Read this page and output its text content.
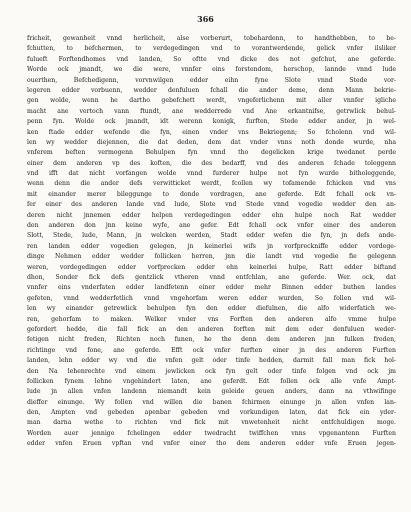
366
fricheit, gewanheit vnnd herlicheit, alse vorberurt, tobehardenn, to handthebben, to be-
fchutten, to befchermen, to verdegedingen vnd to vorantwerdende, gelick vnfer ilsliker
fulueft Forftendhomes vnd landen, So oftte vnd dicke des not gefchut, ane geferde.
Worde ock jmandt, we die were, vnnfer eins forstendom, herschop, lannde vnnd lude
ouerthen, Befchedigenn, vorvnwilgen edder eihn fyne Slote vnnd Stede vor-
legeren edder vorbuenn, wedder denfuluen fchall die ander deme, denn Mann bekrie-
gen wolde, wenn he dartho gebefchett werdt, vngeferlichenn mit aller vnnfer igliche
macht ane vertoch vann ftundt, ane wedderrede vnd Ane erkantnifse, getrwlick behul-
penn fyn. Wolde ock jmandt, idt werenn konigk, furften, Stede edder ander, jn wel-
ken ftade edder wefende die fyn, einen vnder vns Bekriegenn; So fcholenn vnd wil-
len wy wedder diejennen, die dat deden, dem dat vnder vnns noth donde wurde, nha
vnferem beften vermogenn Behulpen fyn vnnd tho degelicken krige twedanet perde
einer dem anderen vp des koften, die des bedarff, vnd des anderen fchade toleggenn
vnd ifft dat nicht vorfangen wolde vnnd furderer hulpe not fyn wurde bitholeggende,
wenn denn die ander defs verwitticket werdt, fcollen wy tofamende fchicken vnd vns
mit einander merer bileggunge to donde vordragen, ane geferde. Edt fchall ock vn-
fer einer des anderen lande vnd lude, Slote vnd Stede vnnd vogedie wedder den an-
deren nicht jnnemen edder helpen verdegedingen edder ehn hulpe noch Rat wedder
den anderen don jnn keine wyfe, ane gefer. Edt fchall ock vnfer einer des anderen
Slott, Stede, lude, Mann, jn welcken werden, Stadt edder wefen die fyn, jn defs ande-
ren landen edder vogedien gelegen, jn keinerlei wifs jn vorfpreckniffe edder vordege-
dinge Nehmen edder wedder follicken herren, jnn die landt vnd vogedie fie gelegenn
weren, vordegedingen edder vorfprecken edder ehn keinerlei hulpe, Ratt edder biftand
dhon, Sonder fick defs gentzlick vtheren vnnd entfchlan, ane geferde. Wer. ock, dat
vnnfer eins vnderfaten edder landfetenn einer edder mehr Binnen edder buthen landes
gefeten, vnnd wedderfetlich vnnd vngehorfam weren edder wurden, So follen vnd wil-
len wy einander getrewlick behulpen fyn den edder diefulnen, die alfo widerfatich we-
ren, gehorfam to maken. Welker vnder vns Forften den anderen alfo vmme hulpe
gefordert hedde, die fall fick an den anderen forften mit dem eder denfuluen weder-
fetigen nicht freden, Richten noch funen, he the denn dem anderen jnn fulken freden,
richtinge vnd fone, ane geferde. Efft ock vnfer furften einer jn des anderen Furften
landen, lehn edder wy vnd die vnfen gelt oder tinfe hedden, darmit fall man fick hol-
den Na lehenrechte vnd einem jewlicken ock fyn gelt oder tinfe folgen vnd ock jm
follicken fynem lehne vngehindert laten, ane geferdt. Edt follen ock alle vnfe Ampt-
lude jn allen vnfen landenn niemandt kein geleide geuen anders, dann na vthwifinge
dieffer einunge. Wy follen vnd willen die banen fchirmen einunge jn allen vnfen lan-
den, Ampten vnd gebeden apenbar gebeden vnd vorkundigen laten, dat fick ein yder-
man darna wethe to richten vnd fick mit vnwetenheit nicht entfchuldigen moge.
Worden auer jennige fchelingen edder twedracht twiffchen vnns vpgenantenn Furften
edder vnfen Eruen vpftan vnd vnfer einer tho dem anderen edder vnfe Eruen jegen-
